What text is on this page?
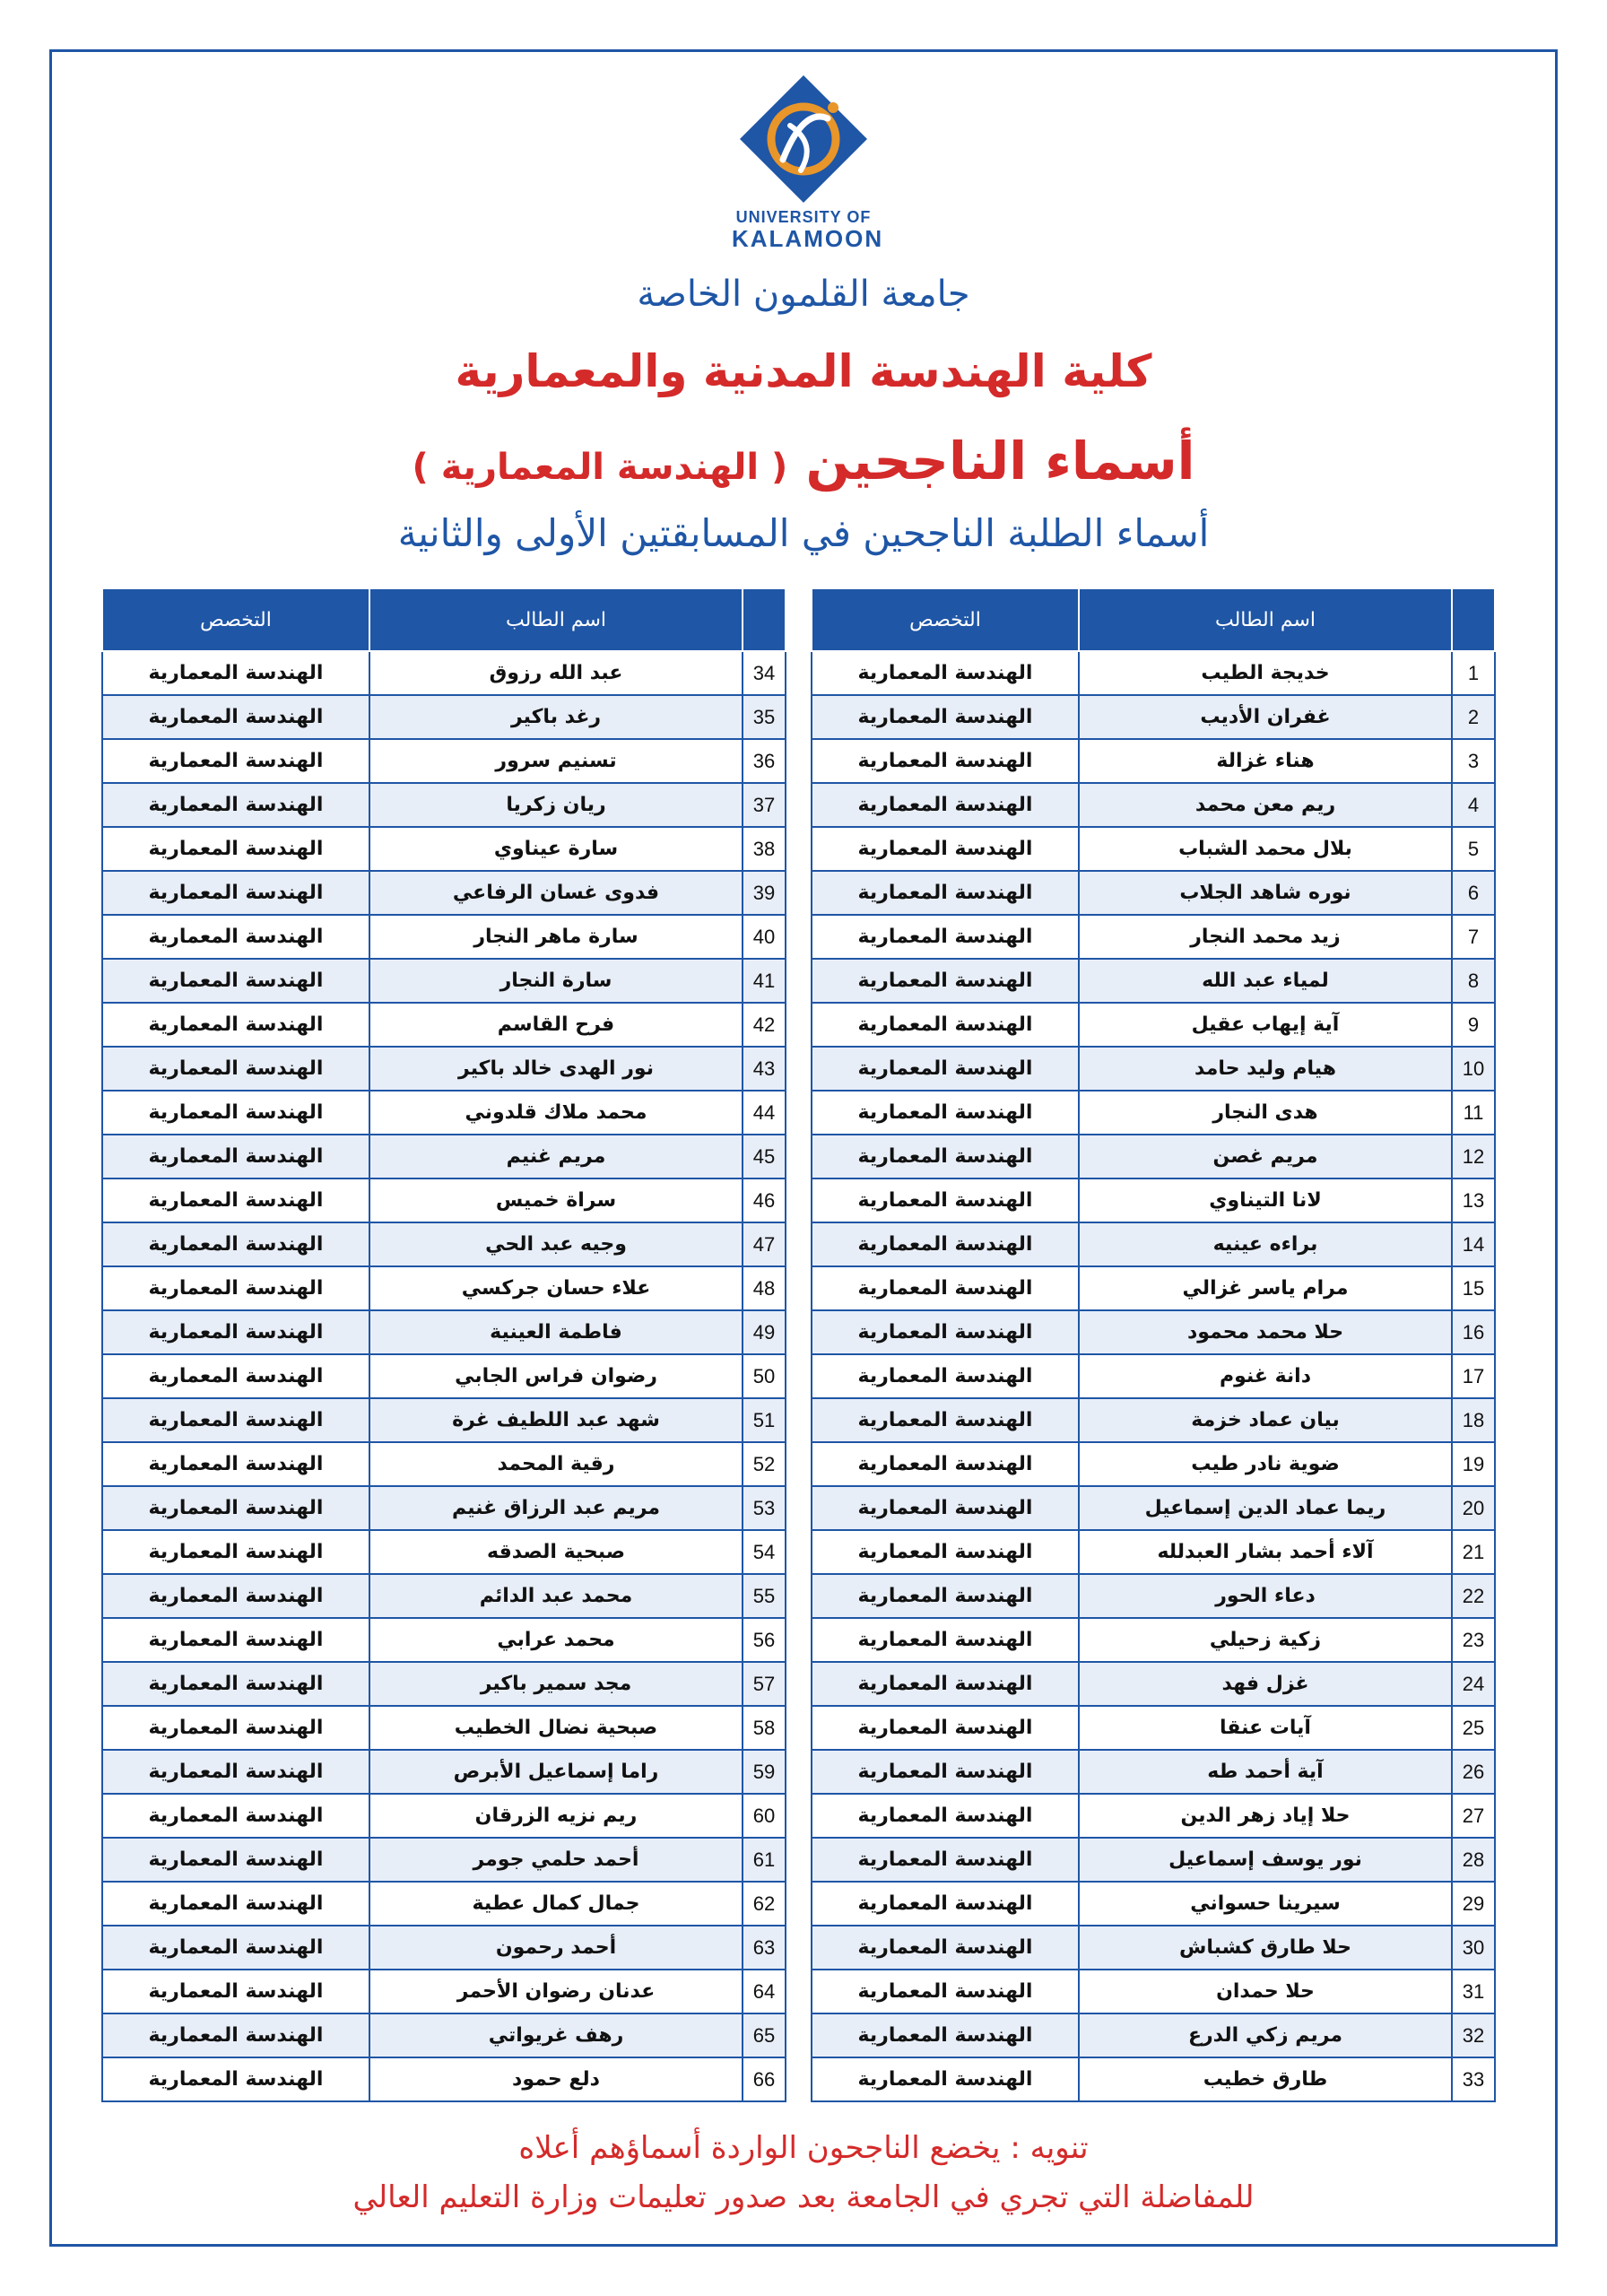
UNIVERSITY OF
KALAMOON
جامعة القلمون الخاصة
كلية الهندسة المدنية والمعمارية
أسماء الناجحين ( الهندسة المعمارية )
أسماء الطلبة الناجحين في المسابقتين الأولى والثانية
	اسم الطالب	التخصص
1	خديجة الطيب	الهندسة المعمارية
2	غفران الأديب	الهندسة المعمارية
3	هناء غزالة	الهندسة المعمارية
4	ريم معن محمد	الهندسة المعمارية
5	بلال محمد الشباب	الهندسة المعمارية
6	نوره شاهد الجلاب	الهندسة المعمارية
7	زيد محمد النجار	الهندسة المعمارية
8	لمياء عبد الله	الهندسة المعمارية
9	آية إيهاب عقيل	الهندسة المعمارية
10	هيام وليد حامد	الهندسة المعمارية
11	هدى النجار	الهندسة المعمارية
12	مريم غصن	الهندسة المعمارية
13	لانا التيناوي	الهندسة المعمارية
14	براءه عينيه	الهندسة المعمارية
15	مرام ياسر غزالي	الهندسة المعمارية
16	حلا محمد محمود	الهندسة المعمارية
17	دانة غنوم	الهندسة المعمارية
18	بيان عماد خزمة	الهندسة المعمارية
19	ضوية نادر طيب	الهندسة المعمارية
20	ريما عماد الدين إسماعيل	الهندسة المعمارية
21	آلاء أحمد بشار العبدلله	الهندسة المعمارية
22	دعاء الحور	الهندسة المعمارية
23	زكية زحيلي	الهندسة المعمارية
24	غزل فهد	الهندسة المعمارية
25	آيات عنقا	الهندسة المعمارية
26	آية أحمد طه	الهندسة المعمارية
27	حلا إياد زهر الدين	الهندسة المعمارية
28	نور يوسف إسماعيل	الهندسة المعمارية
29	سيرينا حسواني	الهندسة المعمارية
30	حلا طارق كشباش	الهندسة المعمارية
31	حلا حمدان	الهندسة المعمارية
32	مريم زكي الدرع	الهندسة المعمارية
33	طارق خطيب	الهندسة المعمارية
	اسم الطالب	التخصص
34	عبد الله رزوق	الهندسة المعمارية
35	رغد باكير	الهندسة المعمارية
36	تسنيم سرور	الهندسة المعمارية
37	ريان زكريا	الهندسة المعمارية
38	سارة عيناوي	الهندسة المعمارية
39	فدوى غسان الرفاعي	الهندسة المعمارية
40	سارة ماهر النجار	الهندسة المعمارية
41	سارة النجار	الهندسة المعمارية
42	فرح القاسم	الهندسة المعمارية
43	نور الهدى خالد باكير	الهندسة المعمارية
44	محمد ملاك قلدوني	الهندسة المعمارية
45	مريم غنيم	الهندسة المعمارية
46	سراة خميس	الهندسة المعمارية
47	وجيه عبد الحي	الهندسة المعمارية
48	علاء حسان جركسي	الهندسة المعمارية
49	فاطمة العينية	الهندسة المعمارية
50	رضوان فراس الجابي	الهندسة المعمارية
51	شهد عبد اللطيف غرة	الهندسة المعمارية
52	رقية المحمد	الهندسة المعمارية
53	مريم عبد الرزاق غنيم	الهندسة المعمارية
54	صبحية الصدقه	الهندسة المعمارية
55	محمد عبد الدائم	الهندسة المعمارية
56	محمد عرابي	الهندسة المعمارية
57	مجد سمير باكير	الهندسة المعمارية
58	صبحية نضال الخطيب	الهندسة المعمارية
59	راما إسماعيل الأبرص	الهندسة المعمارية
60	ريم نزيه الزرقان	الهندسة المعمارية
61	أحمد حلمي جومر	الهندسة المعمارية
62	جمال كمال عطية	الهندسة المعمارية
63	أحمد رحمون	الهندسة المعمارية
64	عدنان رضوان الأحمر	الهندسة المعمارية
65	رهف غريواتي	الهندسة المعمارية
66	دلع حمود	الهندسة المعمارية
تنويه : يخضع الناجحون الواردة أسماؤهم أعلاه
للمفاضلة التي تجري في الجامعة بعد صدور تعليمات وزارة التعليم العالي
